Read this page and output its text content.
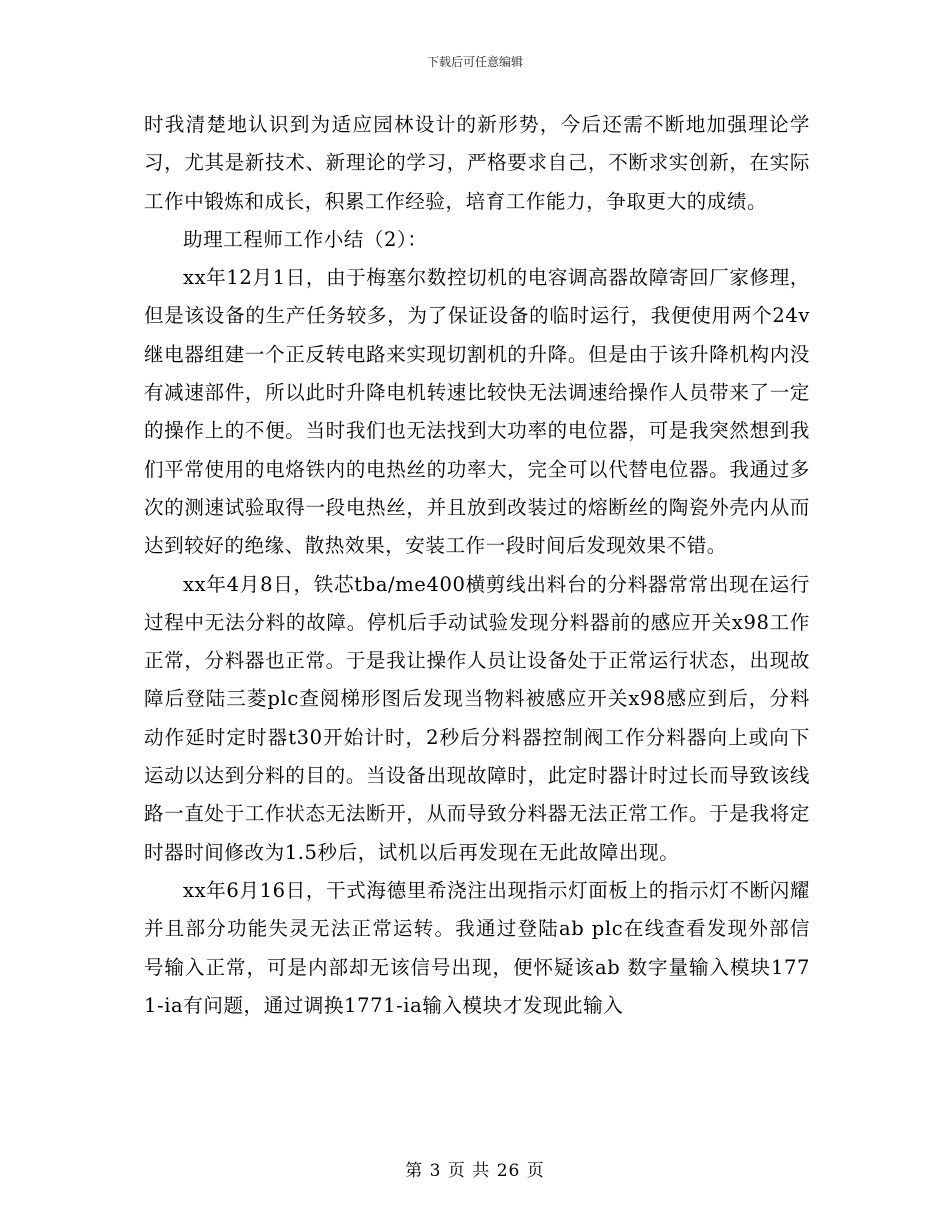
下载后可任意编辑

时我清楚地认识到为适应园林设计的新形势，今后还需不断地加强理论学习，尤其是新技术、新理论的学习，严格要求自己，不断求实创新，在实际工作中锻炼和成长，积累工作经验，培育工作能力，争取更大的成绩。

助理工程师工作小结（2）：

xx年12月1日，由于梅塞尔数控切机的电容调高器故障寄回厂家修理，但是该设备的生产任务较多，为了保证设备的临时运行，我便使用两个24v继电器组建一个正反转电路来实现切割机的升降。但是由于该升降机构内没有减速部件，所以此时升降电机转速比较快无法调速给操作人员带来了一定的操作上的不便。当时我们也无法找到大功率的电位器，可是我突然想到我们平常使用的电烙铁内的电热丝的功率大，完全可以代替电位器。我通过多次的测速试验取得一段电热丝，并且放到改装过的熔断丝的陶瓷外壳内从而达到较好的绝缘、散热效果，安装工作一段时间后发现效果不错。

xx年4月8日，铁芯tba/me400横剪线出料台的分料器常常出现在运行过程中无法分料的故障。停机后手动试验发现分料器前的感应开关x98工作正常，分料器也正常。于是我让操作人员让设备处于正常运行状态，出现故障后登陆三菱plc查阅梯形图后发现当物料被感应开关x98感应到后，分料动作延时定时器t30开始计时，2秒后分料器控制阀工作分料器向上或向下运动以达到分料的目的。当设备出现故障时，此定时器计时过长而导致该线路一直处于工作状态无法断开，从而导致分料器无法正常工作。于是我将定时器时间修改为1.5秒后，试机以后再发现在无此故障出现。

xx年6月16日，干式海德里希浇注出现指示灯面板上的指示灯不断闪耀并且部分功能失灵无法正常运转。我通过登陆ab plc在线查看发现外部信号输入正常，可是内部却无该信号出现，便怀疑该ab 数字量输入模块1771-ia有问题，通过调换1771-ia输入模块才发现此输入

第 3 页 共 26 页
